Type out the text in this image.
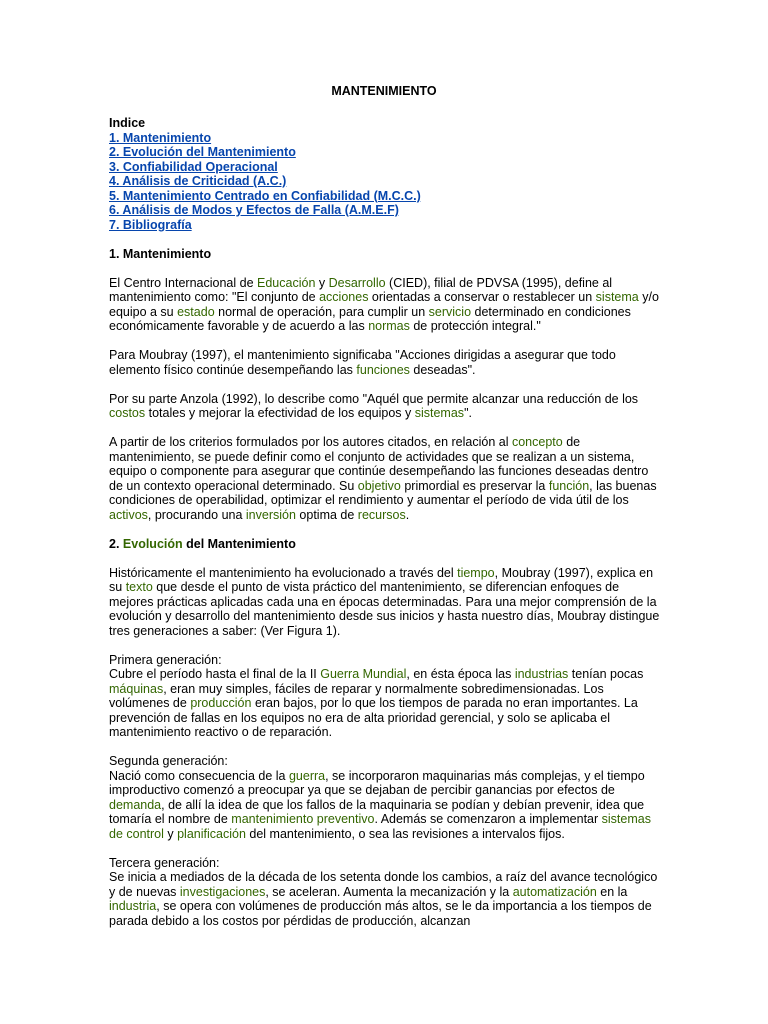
MANTENIMIENTO
Indice
1. Mantenimiento
2. Evolución del Mantenimiento
3. Confiabilidad Operacional
4. Análisis de Criticidad (A.C.)
5. Mantenimiento Centrado en Confiabilidad (M.C.C.)
6. Análisis de Modos y Efectos de Falla (A.M.E.F)
7. Bibliografía
1. Mantenimiento

El Centro Internacional de Educación y Desarrollo (CIED), filial de PDVSA (1995), define al mantenimiento como: "El conjunto de acciones orientadas a conservar o restablecer un sistema y/o equipo a su estado normal de operación, para cumplir un servicio determinado en condiciones económicamente favorable y de acuerdo a las normas de protección integral."

Para Moubray (1997), el mantenimiento significaba "Acciones dirigidas a asegurar que todo elemento físico continúe desempeñando las funciones deseadas".

Por su parte Anzola (1992), lo describe como "Aquél que permite alcanzar una reducción de los costos totales y mejorar la efectividad de los equipos y sistemas".

A partir de los criterios formulados por los autores citados, en relación al concepto de mantenimiento, se puede definir como el conjunto de actividades que se realizan a un sistema, equipo o componente para asegurar que continúe desempeñando las funciones deseadas dentro de un contexto operacional determinado. Su objetivo primordial es preservar la función, las buenas condiciones de operabilidad, optimizar el rendimiento y aumentar el período de vida útil de los activos, procurando una inversión optima de recursos.

2. Evolución del Mantenimiento

Históricamente el mantenimiento ha evolucionado a través del tiempo, Moubray (1997), explica en su texto que desde el punto de vista práctico del mantenimiento, se diferencian enfoques de mejores prácticas aplicadas cada una en épocas determinadas. Para una mejor comprensión de la evolución y desarrollo del mantenimiento desde sus inicios y hasta nuestro días, Moubray distingue tres generaciones a saber: (Ver Figura 1).

Primera generación:
Cubre el período hasta el final de la II Guerra Mundial, en ésta época las industrias tenían pocas máquinas, eran muy simples, fáciles de reparar y normalmente sobredimensionadas. Los volúmenes de producción eran bajos, por lo que los tiempos de parada no eran importantes. La prevención de fallas en los equipos no era de alta prioridad gerencial, y solo se aplicaba el mantenimiento reactivo o de reparación.

Segunda generación:
Nació como consecuencia de la guerra, se incorporaron maquinarias más complejas, y el tiempo improductivo comenzó a preocupar ya que se dejaban de percibir ganancias por efectos de demanda, de allí la idea de que los fallos de la maquinaria se podían y debían prevenir, idea que tomaría el nombre de mantenimiento preventivo. Además se comenzaron a implementar sistemas de control y planificación del mantenimiento, o sea las revisiones a intervalos fijos.

Tercera generación:
Se inicia a mediados de la década de los setenta donde los cambios, a raíz del avance tecnológico y de nuevas investigaciones, se aceleran. Aumenta la mecanización y la automatización en la industria, se opera con volúmenes de producción más altos, se le da importancia a los tiempos de parada debido a los costos por pérdidas de producción, alcanzan
